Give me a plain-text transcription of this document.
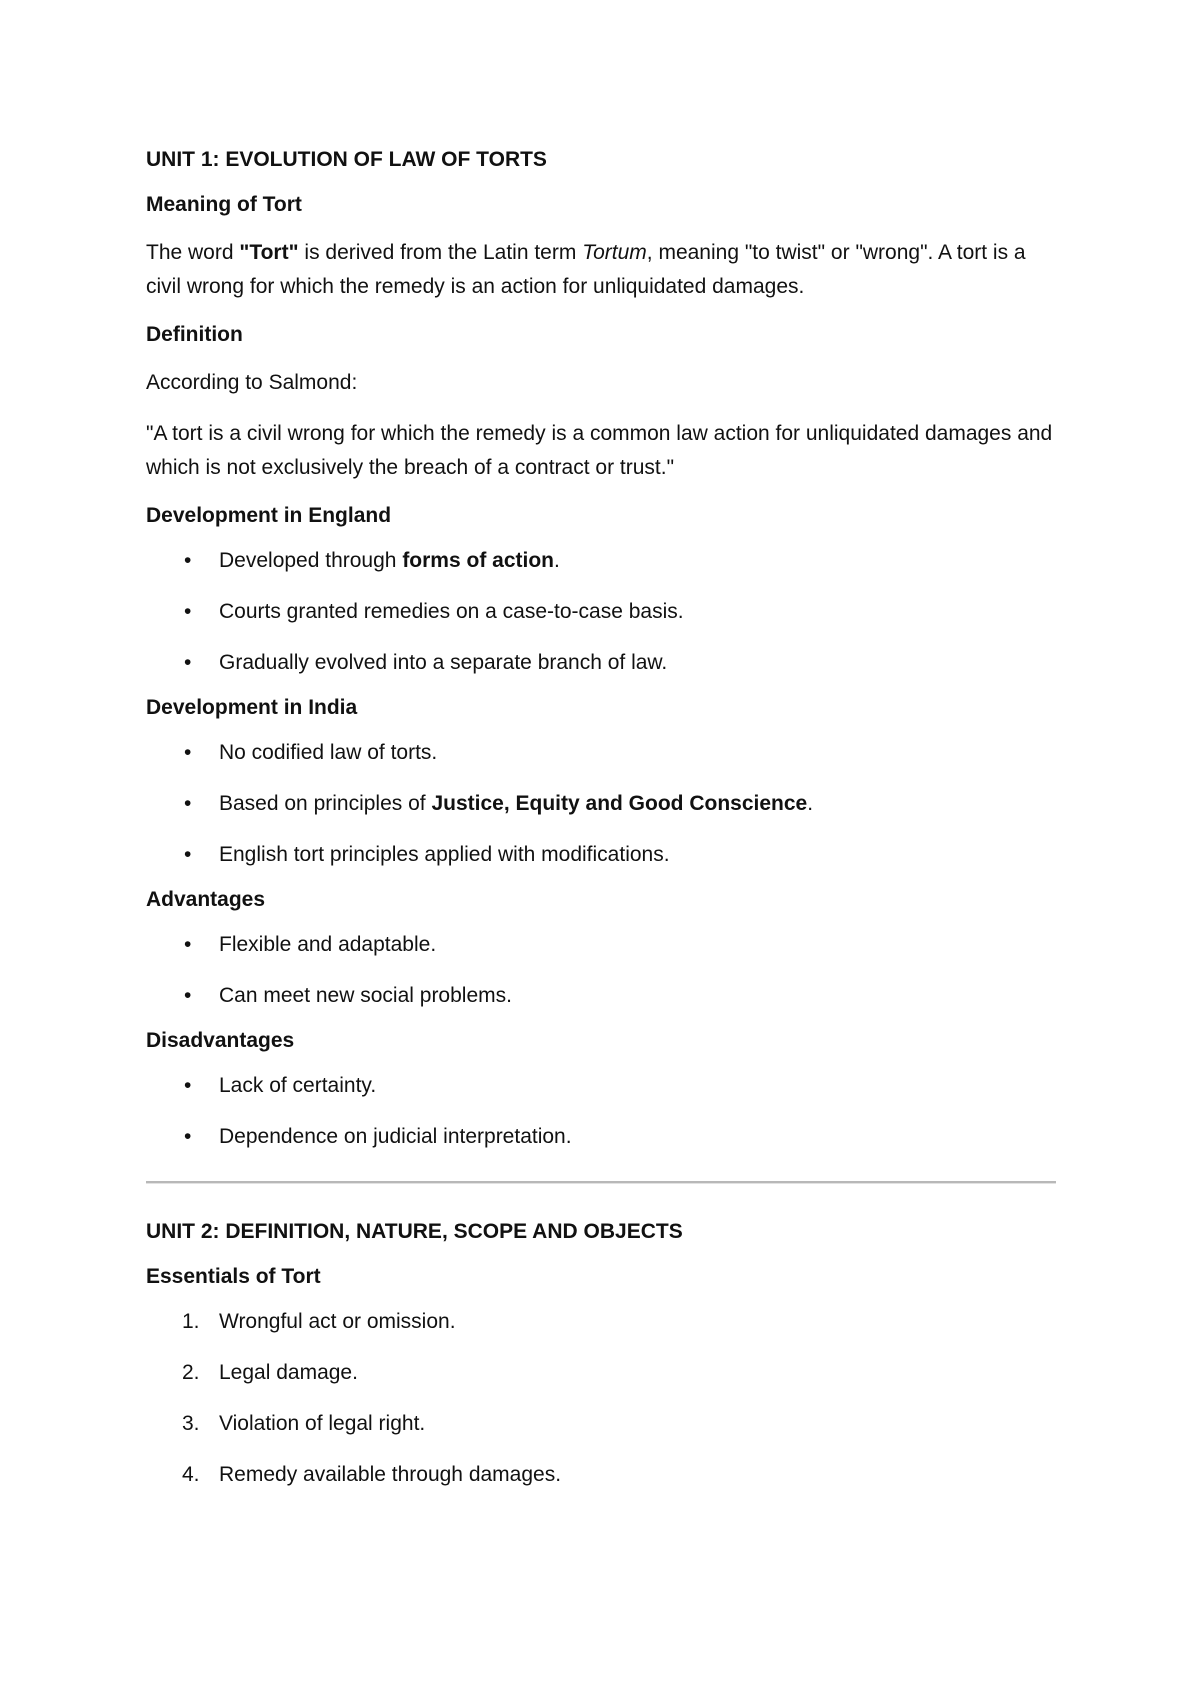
UNIT 1: EVOLUTION OF LAW OF TORTS
Meaning of Tort

The word "Tort" is derived from the Latin term Tortum, meaning "to twist" or "wrong". A tort is a civil wrong for which the remedy is an action for unliquidated damages.

Definition

According to Salmond:

"A tort is a civil wrong for which the remedy is a common law action for unliquidated damages and which is not exclusively the breach of a contract or trust."

Development in England
• Developed through forms of action.
• Courts granted remedies on a case-to-case basis.
• Gradually evolved into a separate branch of law.
Development in India
• No codified law of torts.
• Based on principles of Justice, Equity and Good Conscience.
• English tort principles applied with modifications.
Advantages
• Flexible and adaptable.
• Can meet new social problems.
Disadvantages
• Lack of certainty.
• Dependence on judicial interpretation.
UNIT 2: DEFINITION, NATURE, SCOPE AND OBJECTS
Essentials of Tort
1. Wrongful act or omission.
2. Legal damage.
3. Violation of legal right.
4. Remedy available through damages.
